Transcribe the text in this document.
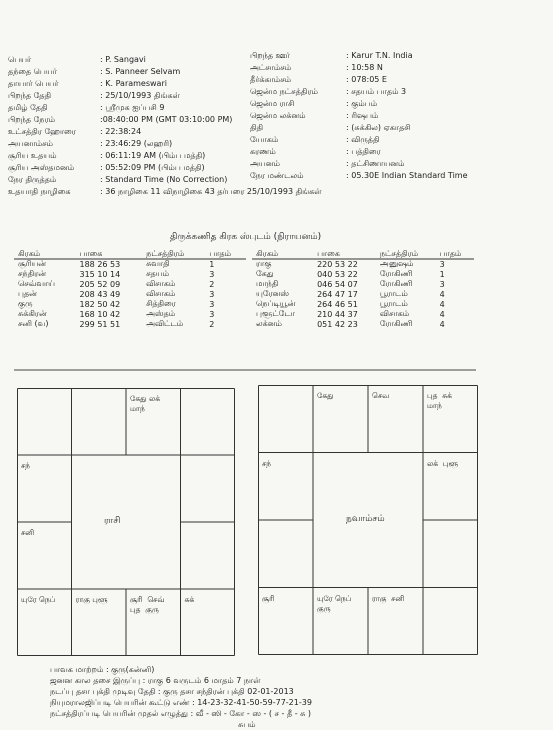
பெயர்	: P. Sangavi
தந்தை பெயர்	: S. Panneer Selvam
தாயார் பெயர்	: K. Parameswari
பிறந்த தேதி	: 25/10/1993 திங்கள்
தமிழ் தேதி	: ஸ்ரீமுக ஐப்பசி 9
பிறந்த நேரம்	:08:40:00 PM (GMT 03:10:00 PM)
உட்சத்திர ஹோரை	: 22:38:24
அயனாம்சம்	: 23:46:29 (லஹரி)
சூரிய உதயம்	: 06:11:19 AM (பிம்ப மத்தி)
சூரிய அஸ்தமனம்	: 05:52:09 PM (பிம்ப மத்தி)
நேர திருத்தம்	: Standard Time (No Correction)
உதயாதி நாழிகை	: 36 நாழிகை 11 விநாழிகை 43 தர்பரை 25/10/1993 திங்கள்
பிறந்த ஊர்	: Karur T.N. India
அட்சாம்சம்	: 10:58 N
தீர்க்காம்சம்	: 078:05 E
ஜென்ம நட்சத்திரம்	: சதயம் பாதம் 3
ஜென்ம ராசி	: கும்பம்
ஜென்ம லக்னம்	: ரிஷபம்
திதி	: (சுக்கில) ஏகாதசி
யோகம்	: விருத்தி
கரணம்	: பத்திரை
அயனம்	: தட்சிணாயனம்
நேர மண்டலம்	: 05.30E Indian Standard Time
திருக்கணித கிரக ஸ்புடம் (நிராயனம்)
கிரகம்	பாகை	நட்சத்திரம்	பாதம்
சூரியன்	188 26 53	சுவாதி	1
சந்திரன்	315 10 14	சதயம்	3
செவ்வாய்	205 52 09	விசாகம்	2
புதன்	208 43 49	விசாகம்	3
குரு	182 50 42	சித்திரை	3
சுக்கிரன்	168 10 42	அஸ்தம்	3
சனி (வ)	299 51 51	அவிட்டம்	2
கிரகம்	பாகை	நட்சத்திரம்	பாதம்
ராகு	220 53 22	அனுஷம்	3
கேது	040 53 22	ரோகிணி	1
மாந்தி	046 54 07	ரோகிணி	3
யுரேனஸ்	264 47 17	பூராடம்	4
நெப்டியூன்	264 46 51	பூராடம்	4
புளூட்டோ	210 44 37	விசாகம்	4
லக்னம்	051 42 23	ரோகிணி	4
கேது லக்
மாந்
சந்
சனி
யுரே நெப்	ராகு புளூ	சூரி  செவ்
புத  குரு
சுக்
ராசி
கேது	செவ	புத  சுக்
மாந்
சந்	லக்  புளூ
சூரி	யுரே நெப்  குரு
ராகு  சனி
நவாம்சம்
பாவக மாற்றம் : குரு(கன்னி)
ஜனன கால தசை இருப்பு : ராகு 6 வருடம் 6 மாதம் 7 நாள்
நடப்பு தசா புக்தி முடிவு தேதி : குரு தசா சந்திரன் புக்தி 02-01-2013
நியுமராலஜிப்படி பெயரின் கூட்டு எண் : 14-23-32-41-50-59-77-21-39
நட்சத்திரப்படி பெயரின் முதல் எழுத்து : வீ - ஸி - கோ - ஸ - ( ச - தீ - சு )
சுபம்
